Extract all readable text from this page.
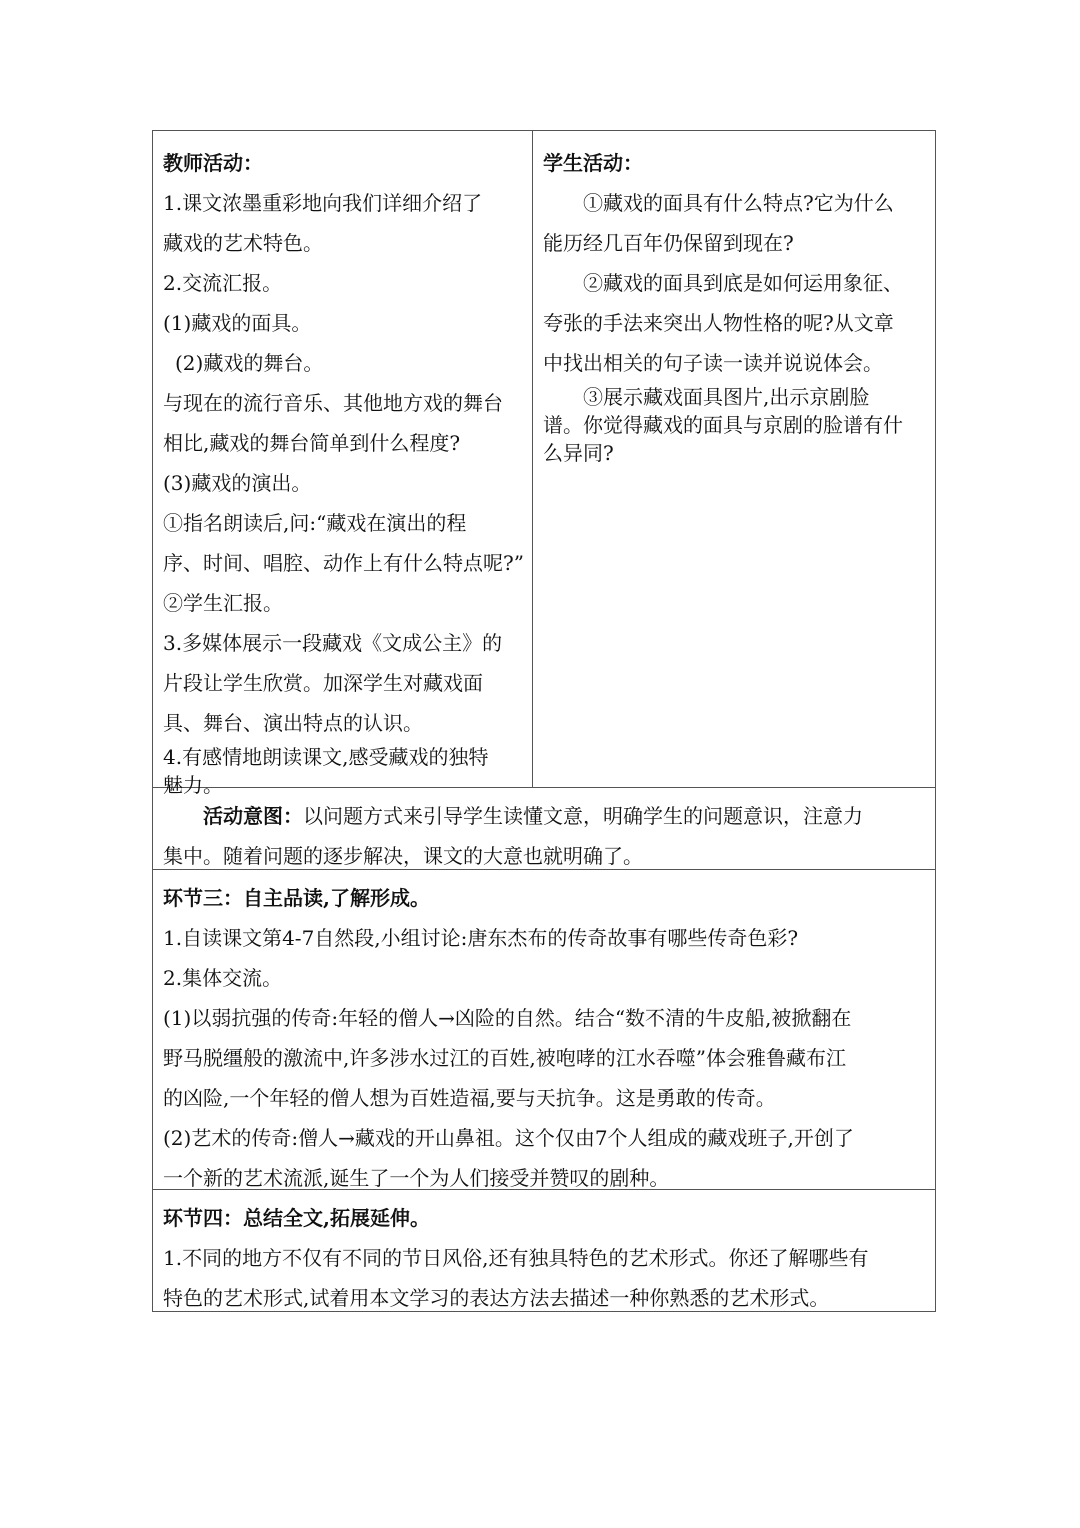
教师活动：
1.课文浓墨重彩地向我们详细介绍了
藏戏的艺术特色。
2.交流汇报。
(1)藏戏的面具。
(2)藏戏的舞台。
与现在的流行音乐、其他地方戏的舞台
相比,藏戏的舞台简单到什么程度?
(3)藏戏的演出。
①指名朗读后,问:“藏戏在演出的程
序、时间、唱腔、动作上有什么特点呢?”
②学生汇报。
3.多媒体展示一段藏戏《文成公主》的
片段让学生欣赏。加深学生对藏戏面
具、舞台、演出特点的认识。
4.有感情地朗读课文,感受藏戏的独特
魅力。
学生活动：
①藏戏的面具有什么特点?它为什么
能历经几百年仍保留到现在?
②藏戏的面具到底是如何运用象征、
夸张的手法来突出人物性格的呢?从文章
中找出相关的句子读一读并说说体会。
③展示藏戏面具图片,出示京剧脸
谱。你觉得藏戏的面具与京剧的脸谱有什
么异同?
活动意图：以问题方式来引导学生读懂文意，明确学生的问题意识，注意力
集中。随着问题的逐步解决，课文的大意也就明确了。
环节三：自主品读,了解形成。
1.自读课文第4-7自然段,小组讨论:唐东杰布的传奇故事有哪些传奇色彩?
2.集体交流。
(1)以弱抗强的传奇:年轻的僧人→凶险的自然。结合“数不清的牛皮船,被掀翻在
野马脱缰般的激流中,许多涉水过江的百姓,被咆哮的江水吞噬”体会雅鲁藏布江
的凶险,一个年轻的僧人想为百姓造福,要与天抗争。这是勇敢的传奇。
(2)艺术的传奇:僧人→藏戏的开山鼻祖。这个仅由7个人组成的藏戏班子,开创了
一个新的艺术流派,诞生了一个为人们接受并赞叹的剧种。
环节四：总结全文,拓展延伸。
1.不同的地方不仅有不同的节日风俗,还有独具特色的艺术形式。你还了解哪些有
特色的艺术形式,试着用本文学习的表达方法去描述一种你熟悉的艺术形式。
